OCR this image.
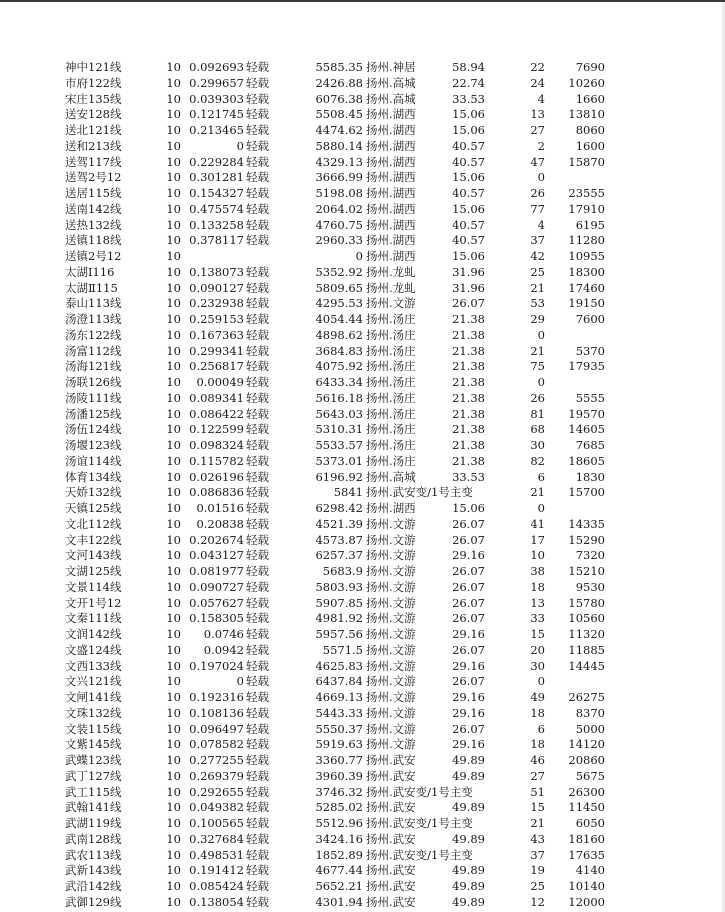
神中121线	10 0.092693 轻载	5585.35 扬州.神居	58.94	22	7690
市府122线	10 0.299657 轻载	2426.88 扬州.高城	22.74	24	10260
宋庄135线	10 0.039303 轻载	6076.38 扬州.高城	33.53	4	1660
送安128线	10 0.121745 轻载	5508.45 扬州.湖西	15.06	13	13810
送北121线	10 0.213465 轻载	4474.62 扬州.湖西	15.06	27	8060
送和213线	10	0 轻载	5880.14 扬州.湖西	40.57	2	1600
送驾117线	10 0.229284 轻载	4329.13 扬州.湖西	40.57	47	15870
送驾2号12	10 0.301281 轻载	3666.99 扬州.湖西	15.06	0
送居115线	10 0.154327 轻载	5198.08 扬州.湖西	40.57	26	23555
送南142线	10 0.475574 轻载	2064.02 扬州.湖西	15.06	77	17910
送热132线	10 0.133258 轻载	4760.75 扬州.湖西	40.57	4	6195
送镇118线	10 0.378117 轻载	2960.33 扬州.湖西	40.57	37	11280
送镇2号12	10	0 扬州.湖西	15.06	42	10955
太湖Ⅰ116	10 0.138073 轻载	5352.92 扬州.龙虬	31.96	25	18300
太湖Ⅱ115	10 0.090127 轻载	5809.65 扬州.龙虬	31.96	21	17460
泰山113线	10 0.232938 轻载	4295.53 扬州.文游	26.07	53	19150
汤澄113线	10 0.259153 轻载	4054.44 扬州.汤庄	21.38	29	7600
汤东122线	10 0.167363 轻载	4898.62 扬州.汤庄	21.38	0
汤富112线	10 0.299341 轻载	3684.83 扬州.汤庄	21.38	21	5370
汤海121线	10 0.256817 轻载	4075.92 扬州.汤庄	21.38	75	17935
汤联126线	10	0.00049 轻载	6433.34 扬州.汤庄	21.38	0
汤陵111线	10 0.089341 轻载	5616.18 扬州.汤庄	21.38	26	5555
汤潘125线	10 0.086422 轻载	5643.03 扬州.汤庄	21.38	81	19570
汤伍124线	10 0.122599 轻载	5310.31 扬州.汤庄	21.38	68	14605
汤堰123线	10 0.098324 轻载	5533.57 扬州.汤庄	21.38	30	7685
汤谊114线	10 0.115782 轻载	5373.01 扬州.汤庄	21.38	82	18605
体育134线	10 0.026196 轻载	6196.92 扬州.高城	33.53	6	1830
天娇132线	10 0.086836 轻载	5841 扬州.武安变/1号主变	21	15700
天镇125线	10	0.01516 轻载	6298.42 扬州.湖西	15.06	0
文北112线	10	0.20838 轻载	4521.39 扬州.文游	26.07	41	14335
文丰122线	10 0.202674 轻载	4573.87 扬州.文游	26.07	17	15290
文河143线	10 0.043127 轻载	6257.37 扬州.文游	29.16	10	7320
文湖125线	10 0.081977 轻载	5683.9 扬州.文游	26.07	38	15210
文景114线	10 0.090727 轻载	5803.93 扬州.文游	26.07	18	9530
文开1号12	10 0.057627 轻载	5907.85 扬州.文游	26.07	13	15780
文秦111线	10 0.158305 轻载	4981.92 扬州.文游	26.07	33	10560
文润142线	10	0.0746 轻载	5957.56 扬州.文游	29.16	15	11320
文盛124线	10	0.0942 轻载	5571.5 扬州.文游	26.07	20	11885
文西133线	10 0.197024 轻载	4625.83 扬州.文游	29.16	30	14445
文兴121线	10	0 轻载	6437.84 扬州.文游	26.07	0
文闸141线	10 0.192316 轻载	4669.13 扬州.文游	29.16	49	26275
文珠132线	10 0.108136 轻载	5443.33 扬州.文游	29.16	18	8370
文装115线	10 0.096497 轻载	5550.37 扬州.文游	26.07	6	5000
文紫145线	10 0.078582 轻载	5919.63 扬州.文游	29.16	18	14120
武蝶123线	10 0.277255 轻载	3360.77 扬州.武安	49.89	46	20860
武丁127线	10 0.269379 轻载	3960.39 扬州.武安	49.89	27	5675
武工115线	10 0.292655 轻载	3746.32 扬州.武安变/1号主变	51	26300
武翰141线	10 0.049382 轻载	5285.02 扬州.武安	49.89	15	11450
武湖119线	10 0.100565 轻载	5512.96 扬州.武安变/1号主变	21	6050
武南128线	10 0.327684 轻载	3424.16 扬州.武安	49.89	43	18160
武农113线	10 0.498531 轻载	1852.89 扬州.武安变/1号主变	37	17635
武新143线	10 0.191412 轻载	4677.44 扬州.武安	49.89	19	4140
武沿142线	10 0.085424 轻载	5652.21 扬州.武安	49.89	25	10140
武御129线	10 0.138054 轻载	4301.94 扬州.武安	49.89	12	12000
